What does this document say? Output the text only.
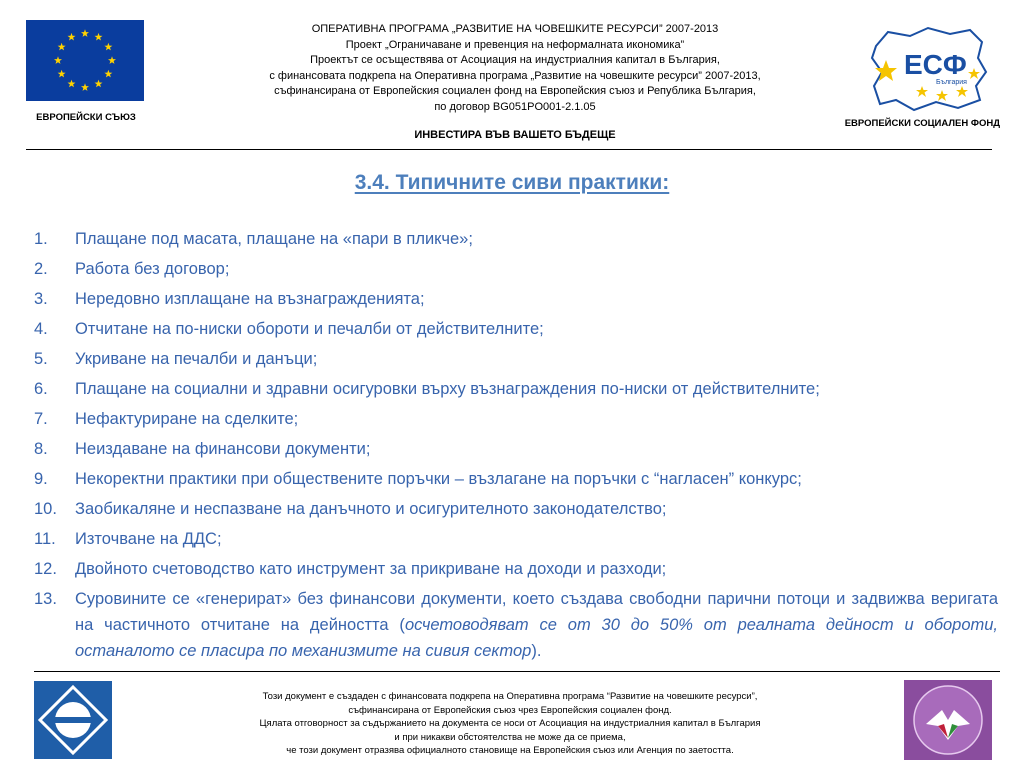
ЕВРОПЕЙСКИ СЪЮЗ
ОПЕРАТИВНА ПРОГРАМА „РАЗВИТИЕ НА ЧОВЕШКИТЕ РЕСУРСИ” 2007-2013
Проект „Ограничаване и превенция на неформалната икономика”
Проектът се осъществява от Асоциация на индустриалния капитал в България,
с финансовата подкрепа на Оперативна програма „Развитие на човешките ресурси” 2007-2013,
съфинансирана от Европейския социален фонд на Европейския съюз и Република България,
по договор BG051PO001-2.1.05
ИНВЕСТИРА ВЪВ ВАШЕТО БЪДЕЩЕ
ЕСФ
България
ЕВРОПЕЙСКИ СОЦИАЛЕН ФОНД
3.4. Типичните сиви практики:
1.	Плащане под масата, плащане на «пари в пликче»;
2.	Работа без договор;
3.	Нередовно изплащане на възнагражденията;
4.	Отчитане на по-ниски обороти и печалби от действителните;
5.	Укриване на печалби и данъци;
6.	Плащане на социални и здравни осигуровки върху възнаграждения по-ниски от действителните;
7.	Нефактуриране на сделките;
8.	Неиздаване на финансови документи;
9.	Некоректни практики при обществените поръчки – възлагане на поръчки с “нагласен” конкурс;
10.	Заобикаляне и неспазване на данъчното и осигурителното законодателство;
11.	Източване на ДДС;
12.	Двойното счетоводство като инструмент за прикриване на доходи и разходи;
13.	Суровините се «генерират» без финансови документи, което създава свободни парични потоци и задвижва веригата на частичното отчитане на дейността (осчетоводяват се от 30 до 50% от реалната дейност и обороти, останалото се пласира по механизмите на сивия сектор).
Този документ е създаден с финансовата подкрепа на Оперативна програма “Развитие на човешките ресурси”,
съфинансирана от Европейския съюз чрез Европейския социален фонд.
Цялата отговорност за съдържанието на документа се носи от Асоциация на индустриалния капитал в България
и при никакви обстоятелства не може да се приема,
че този документ отразява официалното становище на Европейския съюз или Агенция по заетостта.
